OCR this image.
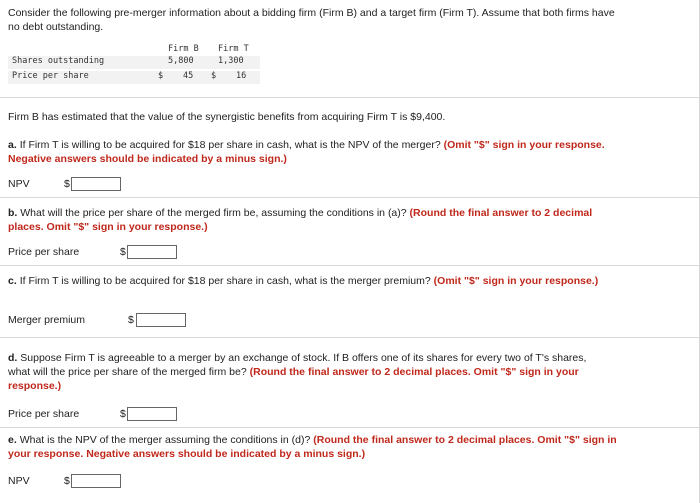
Consider the following pre-merger information about a bidding firm (Firm B) and a target firm (Firm T). Assume that both firms have no debt outstanding.
Firm B Firm T
Shares outstanding	5,800	1,300
Price per share	$ 45 $ 16
Firm B has estimated that the value of the synergistic benefits from acquiring Firm T is $9,400.
a. If Firm T is willing to be acquired for $18 per share in cash, what is the NPV of the merger? (Omit "$" sign in your response. Negative answers should be indicated by a minus sign.)
NPV	$
b. What will the price per share of the merged firm be, assuming the conditions in (a)? (Round the final answer to 2 decimal places. Omit "$" sign in your response.)
Price per share	$
c. If Firm T is willing to be acquired for $18 per share in cash, what is the merger premium? (Omit "$" sign in your response.)
Merger premium	$
d. Suppose Firm T is agreeable to a merger by an exchange of stock. If B offers one of its shares for every two of T's shares, what will the price per share of the merged firm be? (Round the final answer to 2 decimal places. Omit "$" sign in your response.)
Price per share	$
e. What is the NPV of the merger assuming the conditions in (d)? (Round the final answer to 2 decimal places. Omit "$" sign in your response. Negative answers should be indicated by a minus sign.)
NPV	$
